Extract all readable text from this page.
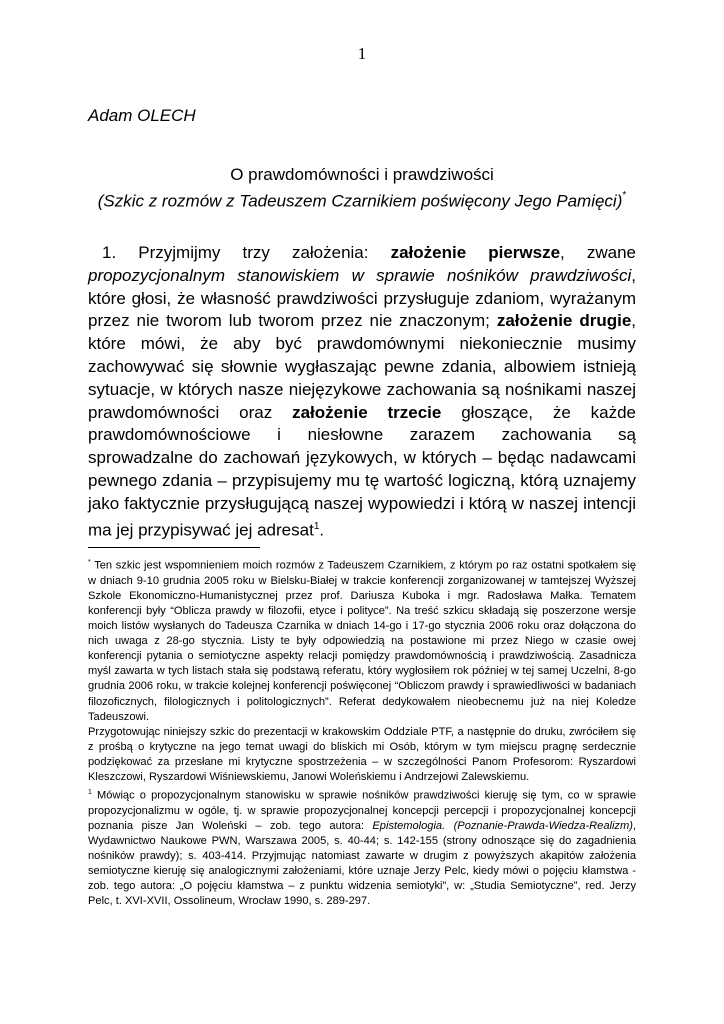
1
Adam OLECH
O prawdomówności i prawdziwości
(Szkic z rozmów z Tadeuszem Czarnikiem poświęcony Jego Pamięci)*

1. Przyjmijmy trzy założenia: założenie pierwsze, zwane propozycjonalnym stanowiskiem w sprawie nośników prawdziwości, które głosi, że własność prawdziwości przysługuje zdaniom, wyrażanym przez nie tworom lub tworom przez nie znaczonym; założenie drugie, które mówi, że aby być prawdomównymi niekoniecznie musimy zachowywać się słownie wygłaszając pewne zdania, albowiem istnieją sytuacje, w których nasze niejęzykowe zachowania są nośnikami naszej prawdomówności oraz założenie trzecie głoszące, że każde prawdomównościowe i niesłowne zarazem zachowania są sprowadzalne do zachowań językowych, w których – będąc nadawcami pewnego zdania – przypisujemy mu tę wartość logiczną, którą uznajemy jako faktycznie przysługującą naszej wypowiedzi i którą w naszej intencji ma jej przypisywać jej adresat$^1$.

* Ten szkic jest wspomnieniem moich rozmów z Tadeuszem Czarnikiem, z którym po raz ostatni spotkałem się w dniach 9-10 grudnia 2005 roku w Bielsku-Białej w trakcie konferencji zorganizowanej w tamtejszej Wyższej Szkole Ekonomiczno-Humanistycznej przez prof. Dariusza Kuboka i mgr. Radosława Małka. Tematem konferencji były “Oblicza prawdy w filozofii, etyce i polityce”. Na treść szkicu składają się poszerzone wersje moich listów wysłanych do Tadeusza Czarnika w dniach 14-go i 17-go stycznia 2006 roku oraz dołączona do nich uwaga z 28-go stycznia. Listy te były odpowiedzią na postawione mi przez Niego w czasie owej konferencji pytania o semiotyczne aspekty relacji pomiędzy prawdomównością i prawdziwością. Zasadnicza myśl zawarta w tych listach stała się podstawą referatu, który wygłosiłem rok później w tej samej Uczelni, 8-go grudnia 2006 roku, w trakcie kolejnej konferencji poświęconej “Obliczom prawdy i sprawiedliwości w badaniach filozoficznych, filologicznych i politologicznych”. Referat dedykowałem nieobecnemu już na niej Koledze Tadeuszowi.

Przygotowując niniejszy szkic do prezentacji w krakowskim Oddziale PTF, a następnie do druku, zwróciłem się z prośbą o krytyczne na jego temat uwagi do bliskich mi Osób, którym w tym miejscu pragnę serdecznie podziękować za przesłane mi krytyczne spostrzeżenia – w szczególności Panom Profesorom: Ryszardowi Kleszczowi, Ryszardowi Wiśniewskiemu, Janowi Woleńskiemu i Andrzejowi Zalewskiemu.

$^1$ Mówiąc o propozycjonalnym stanowisku w sprawie nośników prawdziwości kieruję się tym, co w sprawie propozycjonalizmu w ogóle, tj. w sprawie propozycjonalnej koncepcji percepcji i propozycjonalnej koncepcji poznania pisze Jan Woleński – zob. tego autora: Epistemologia. (Poznanie-Prawda-Wiedza-Realizm), Wydawnictwo Naukowe PWN, Warszawa 2005, s. 40-44; s. 142-155 (strony odnoszące się do zagadnienia nośników prawdy); s. 403-414. Przyjmując natomiast zawarte w drugim z powyższych akapitów założenia semiotyczne kieruję się analogicznymi założeniami, które uznaje Jerzy Pelc, kiedy mówi o pojęciu kłamstwa - zob. tego autora: „O pojęciu kłamstwa – z punktu widzenia semiotyki”, w: „Studia Semiotyczne”, red. Jerzy Pelc, t. XVI-XVII, Ossolineum, Wrocław 1990, s. 289-297.
